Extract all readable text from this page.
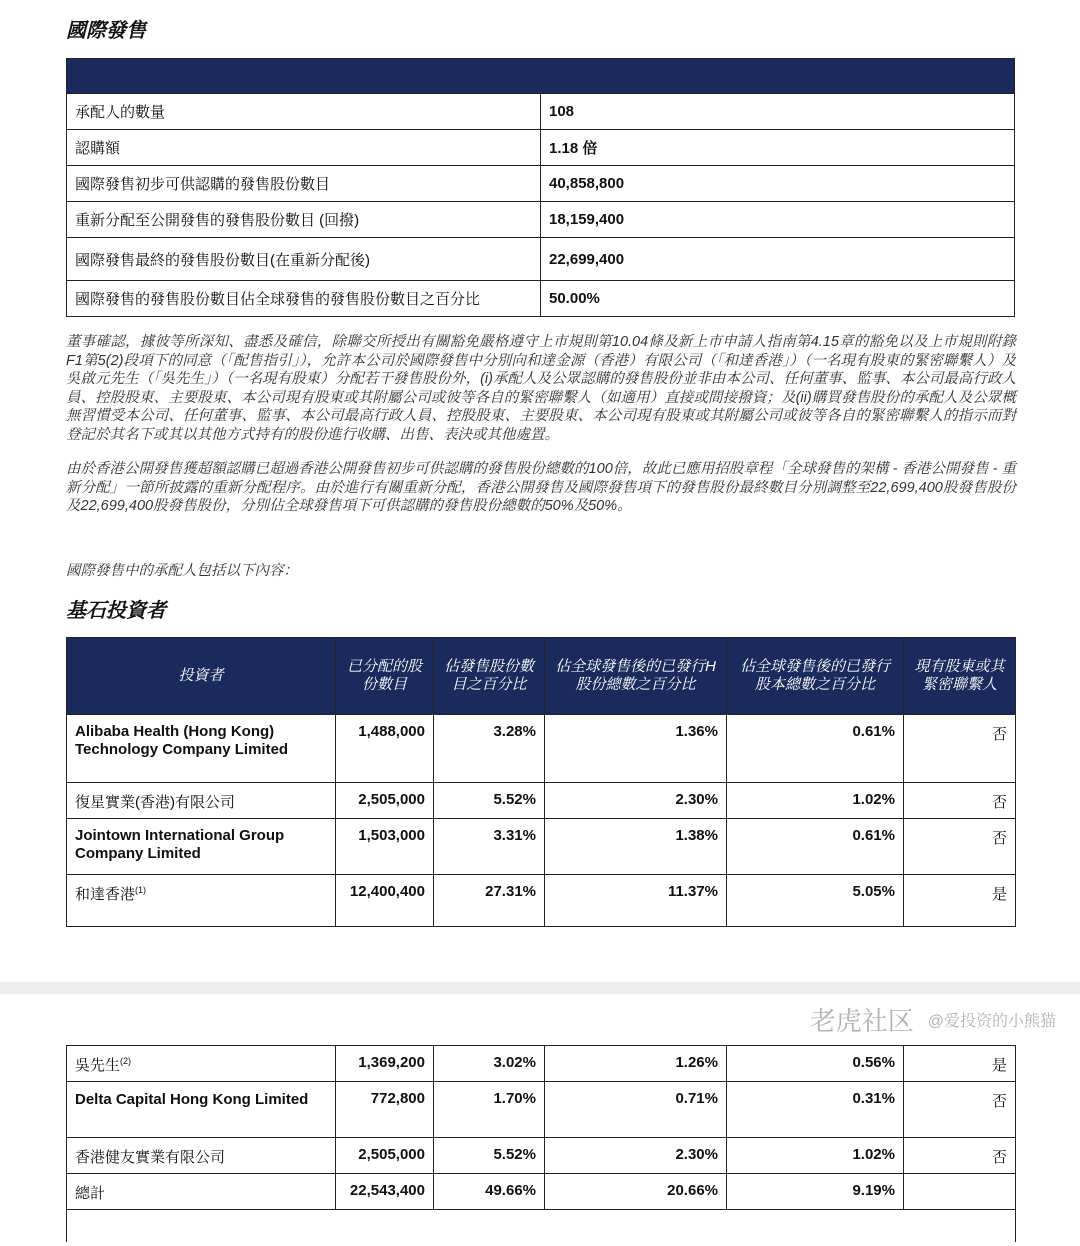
國際發售

承配人的數量	108
認購額	1.18 倍
國際發售初步可供認購的發售股份數目	40,858,800
重新分配至公開發售的發售股份數目 (回撥)	18,159,400
國際發售最終的發售股份數目(在重新分配後)	22,699,400
國際發售的發售股份數目佔全球發售的發售股份數目之百分比	50.00%

董事確認，據彼等所深知、盡悉及確信，除聯交所授出有關豁免嚴格遵守上市規則第10.04條及新上市申請人指南第4.15章的豁免以及上市規則附錄F1第5(2)段項下的同意（「配售指引」），允許本公司於國際發售中分別向和達金源（香港）有限公司（「和達香港」）（一名現有股東的緊密聯繫人）及吳啟元先生（「吳先生」）（一名現有股東）分配若干發售股份外，(i)承配人及公眾認購的發售股份並非由本公司、任何董事、監事、本公司最高行政人員、控股股東、主要股東、本公司現有股東或其附屬公司或彼等各自的緊密聯繫人（如適用）直接或間接撥資；及(ii)購買發售股份的承配人及公眾概無習慣受本公司、任何董事、監事、本公司最高行政人員、控股股東、主要股東、本公司現有股東或其附屬公司或彼等各自的緊密聯繫人的指示而對登記於其名下或其以其他方式持有的股份進行收購、出售、表決或其他處置。

由於香港公開發售獲超額認購已超過香港公開發售初步可供認購的發售股份總數的100倍，故此已應用招股章程「全球發售的架構 - 香港公開發售 - 重新分配」一節所披露的重新分配程序。由於進行有關重新分配，香港公開發售及國際發售項下的發售股份最終數目分別調整至22,699,400股發售股份及22,699,400股發售股份，分別佔全球發售項下可供認購的發售股份總數的50%及50%。

國際發售中的承配人包括以下內容：

基石投資者
投資者	已分配的股份數目	佔發售股份數目之百分比	佔全球發售後的已發行H股份總數之百分比	佔全球發售後的已發行股本總數之百分比	現有股東或其緊密聯繫人
Alibaba Health (Hong Kong) Technology Company Limited	1,488,000	3.28%	1.36%	0.61%	否
復星實業(香港)有限公司	2,505,000	5.52%	2.30%	1.02%	否
Jointown International Group Company Limited	1,503,000	3.31%	1.38%	0.61%	否
和達香港$^{(1)}$	12,400,400	27.31%	11.37%	5.05%	是
老虎社区 @爱投资的小熊猫
吳先生$^{(2)}$	1,369,200	3.02%	1.26%	0.56%	是
Delta Capital Hong Kong Limited	772,800	1.70%	0.71%	0.31%	否
香港健友實業有限公司	2,505,000	5.52%	2.30%	1.02%	否
總計	22,543,400	49.66%	20.66%	9.19%	
